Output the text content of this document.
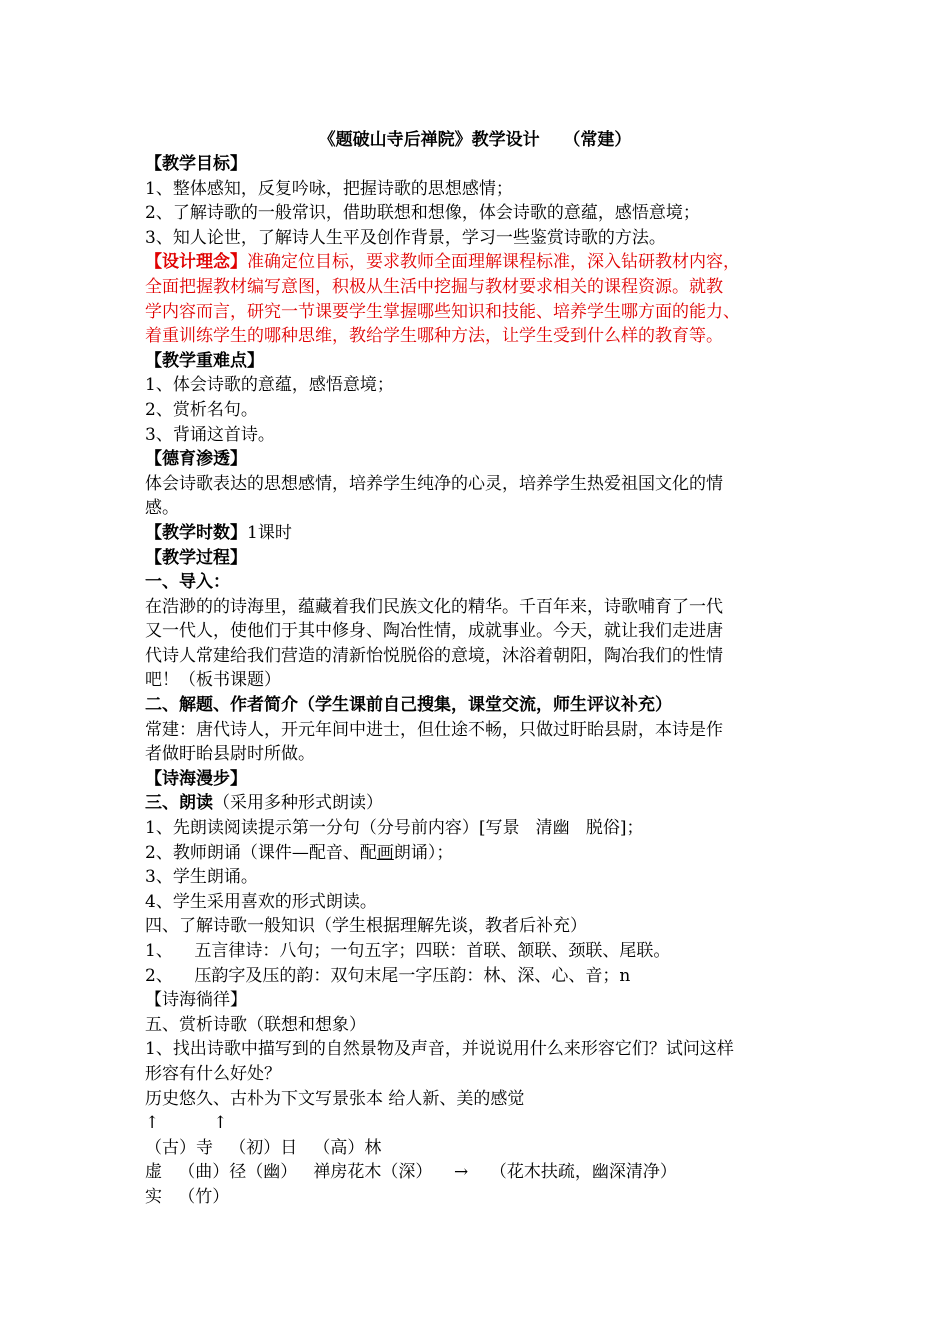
《题破山寺后禅院》教学设计    （常建）

【教学目标】

1、整体感知，反复吟咏，把握诗歌的思想感情；

2、了解诗歌的一般常识，借助联想和想像，体会诗歌的意蕴，感悟意境；

3、知人论世，了解诗人生平及创作背景，学习一些鉴赏诗歌的方法。

【设计理念】准确定位目标，要求教师全面理解课程标准，深入钻研教材内容，

全面把握教材编写意图，积极从生活中挖掘与教材要求相关的课程资源。就教

学内容而言，研究一节课要学生掌握哪些知识和技能、培养学生哪方面的能力、

着重训练学生的哪种思维，教给学生哪种方法，让学生受到什么样的教育等。

【教学重难点】

1、体会诗歌的意蕴，感悟意境；

2、赏析名句。

3、背诵这首诗。

【德育渗透】

体会诗歌表达的思想感情，培养学生纯净的心灵，培养学生热爱祖国文化的情

感。

【教学时数】1课时

【教学过程】

一、导入：

在浩渺的的诗海里，蕴藏着我们民族文化的精华。千百年来，诗歌哺育了一代

又一代人，使他们于其中修身、陶冶性情，成就事业。今天，就让我们走进唐

代诗人常建给我们营造的清新怡悦脱俗的意境，沐浴着朝阳，陶冶我们的性情

吧！（板书课题）

二、解题、作者简介（学生课前自己搜集，课堂交流，师生评议补充）

常建：唐代诗人，开元年间中进士，但仕途不畅，只做过盱眙县尉，本诗是作

者做盱眙县尉时所做。

【诗海漫步】

三、朗读（采用多种形式朗读）

1、先朗读阅读提示第一分句（分号前内容）[写景   清幽   脱俗]；

2、教师朗诵（课件—配音、配画朗诵）；

3、学生朗诵。

4、学生采用喜欢的形式朗读。

四、了解诗歌一般知识（学生根据理解先谈，教者后补充）

1、    五言律诗：八句；一句五字；四联：首联、颔联、颈联、尾联。

2、    压韵字及压的韵：双句末尾一字压韵：林、深、心、音；n

【诗海徜徉】

五、赏析诗歌（联想和想象）

1、找出诗歌中描写到的自然景物及声音，并说说用什么来形容它们？试问这样

形容有什么好处？

历史悠久、古朴为下文写景张本 给人新、美的感觉

↑          ↑

（古）寺   （初）日   （高）林

虚   （曲）径（幽）   禅房花木（深）    →    （花木扶疏，幽深清净）

实   （竹）
